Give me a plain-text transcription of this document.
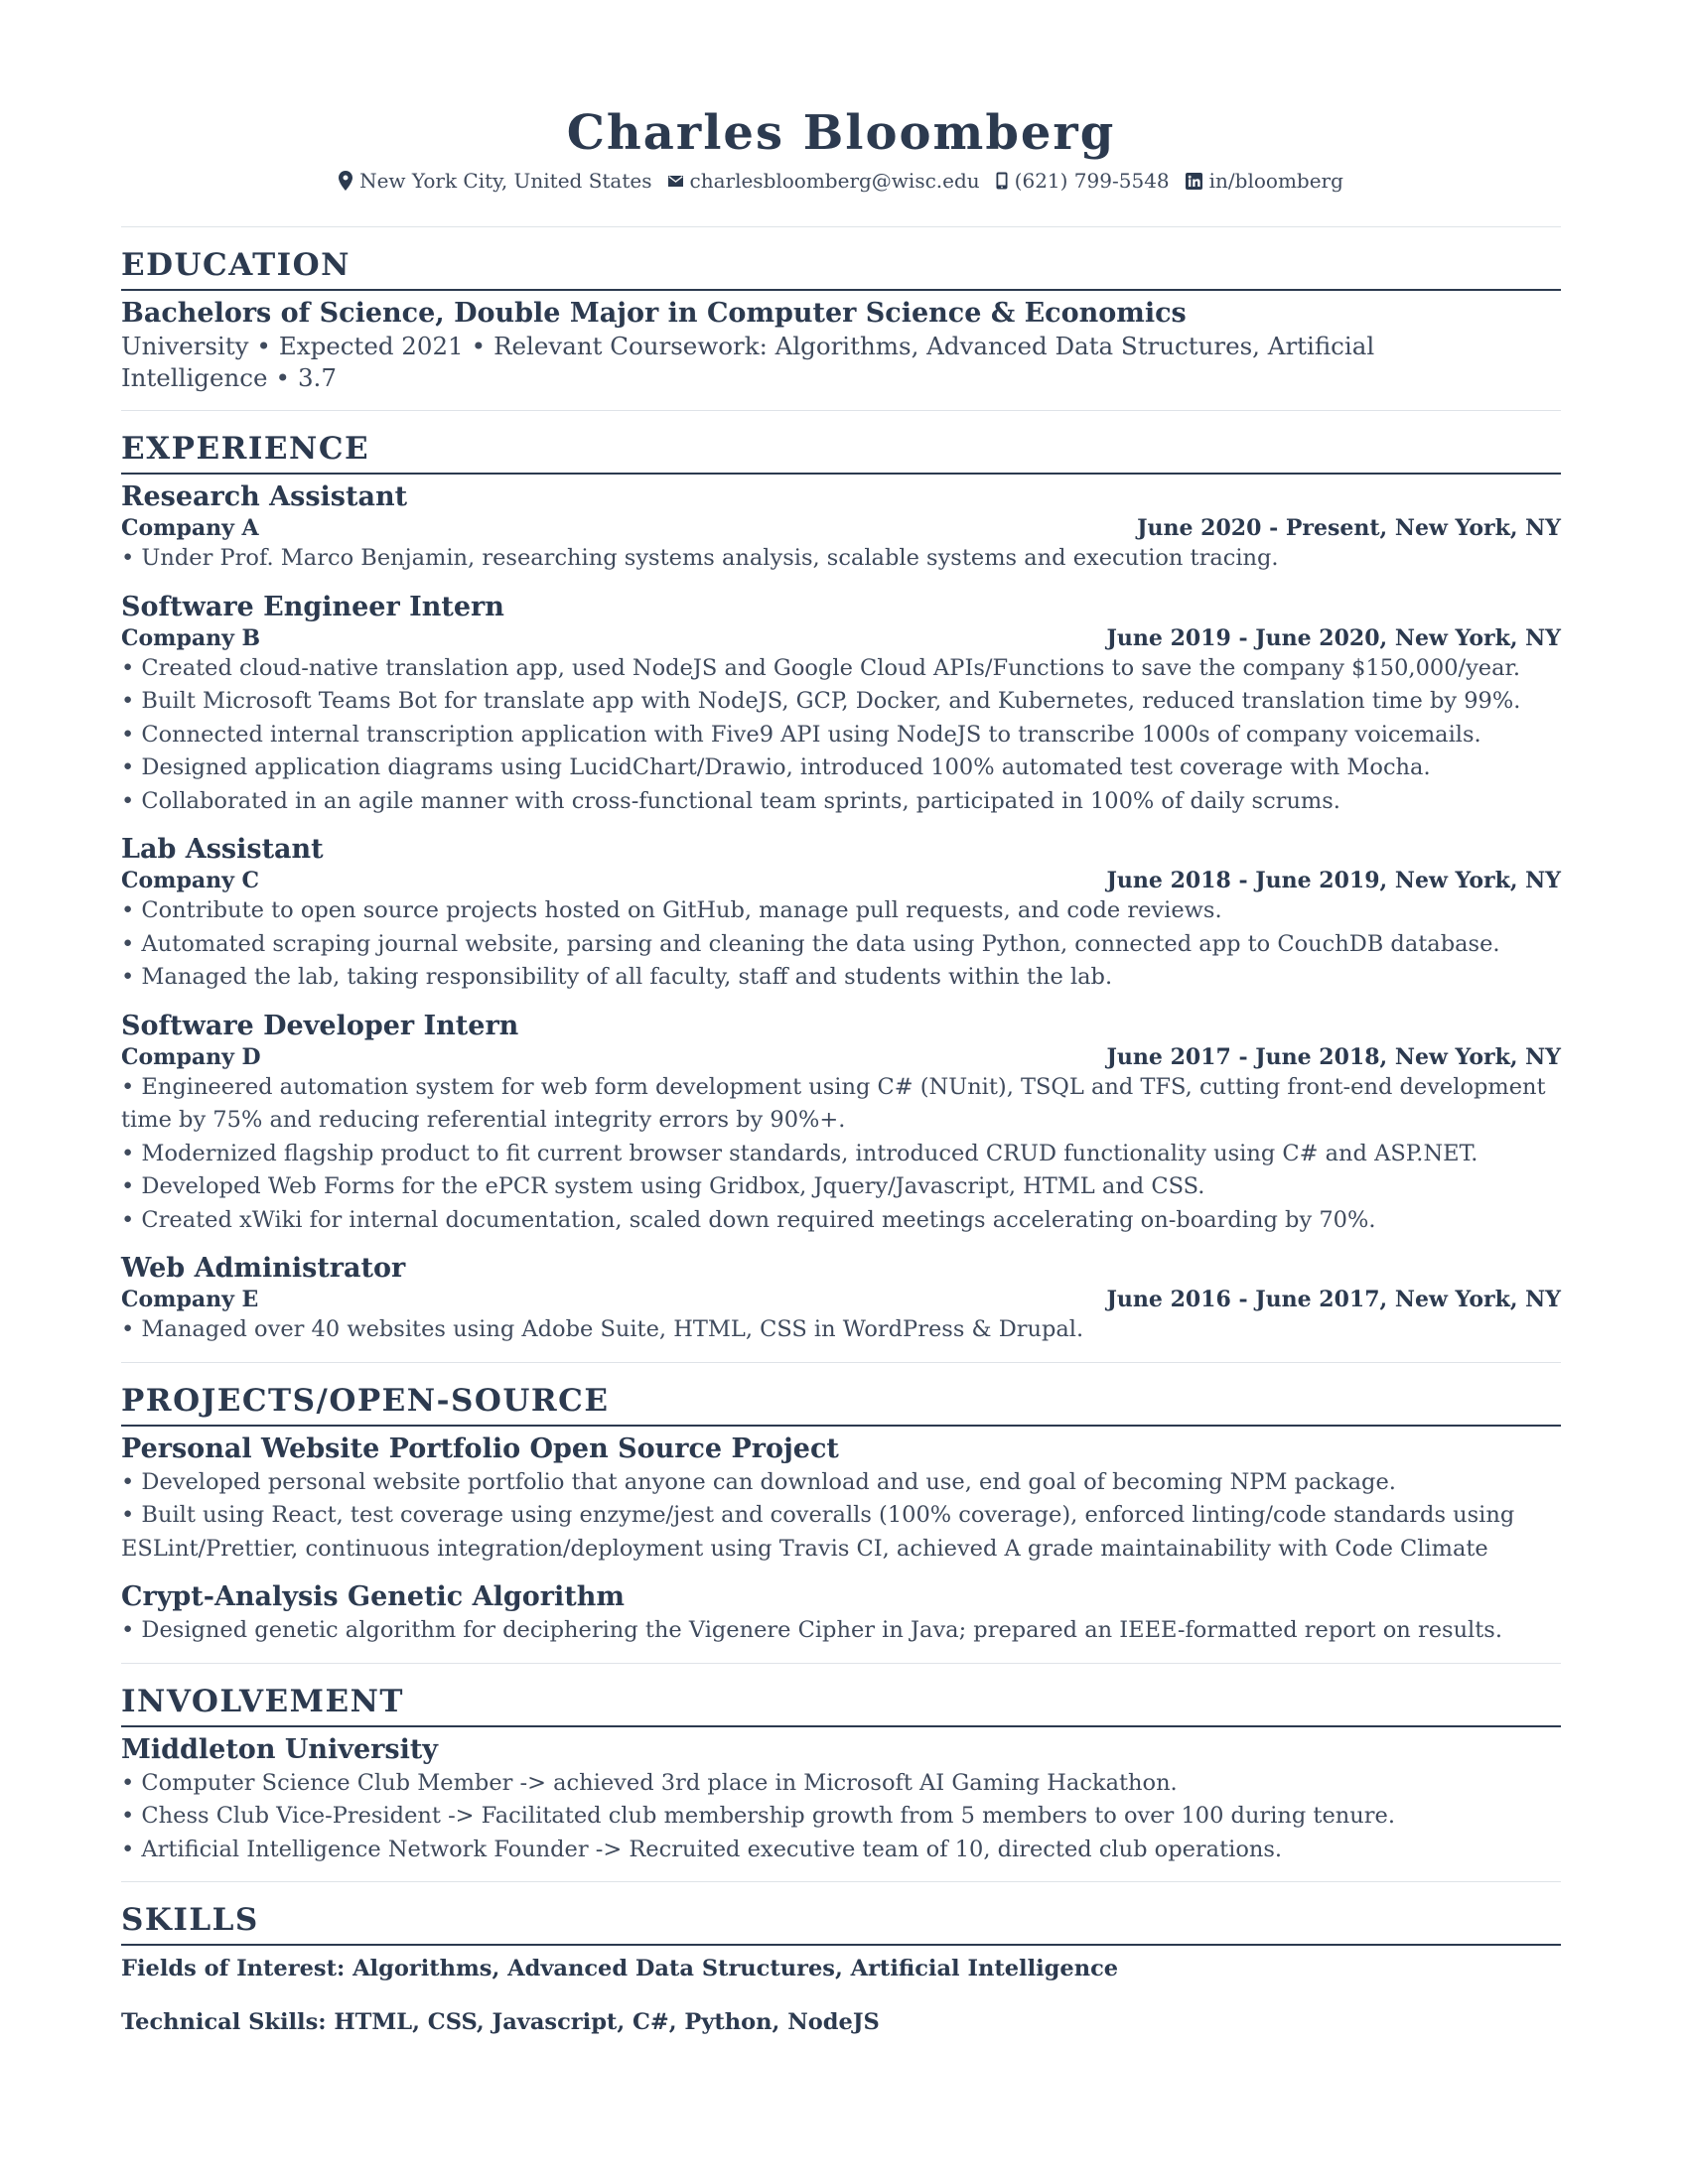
Charles Bloomberg
New York City, United States charlesbloomberg@wisc.edu (621) 799-5548 in/bloomberg
EDUCATION
Bachelors of Science, Double Major in Computer Science & Economics
University • Expected 2021 • Relevant Coursework: Algorithms, Advanced Data Structures, Artificial Intelligence • 3.7
EXPERIENCE
Research Assistant
Company A	June 2020 - Present, New York, NY
• Under Prof. Marco Benjamin, researching systems analysis, scalable systems and execution tracing.
Software Engineer Intern
Company B	June 2019 - June 2020, New York, NY
• Created cloud-native translation app, used NodeJS and Google Cloud APIs/Functions to save the company $150,000/year.
• Built Microsoft Teams Bot for translate app with NodeJS, GCP, Docker, and Kubernetes, reduced translation time by 99%.
• Connected internal transcription application with Five9 API using NodeJS to transcribe 1000s of company voicemails.
• Designed application diagrams using LucidChart/Drawio, introduced 100% automated test coverage with Mocha.
• Collaborated in an agile manner with cross-functional team sprints, participated in 100% of daily scrums.
Lab Assistant
Company C	June 2018 - June 2019, New York, NY
• Contribute to open source projects hosted on GitHub, manage pull requests, and code reviews.
• Automated scraping journal website, parsing and cleaning the data using Python, connected app to CouchDB database.
• Managed the lab, taking responsibility of all faculty, staff and students within the lab.
Software Developer Intern
Company D	June 2017 - June 2018, New York, NY
• Engineered automation system for web form development using C# (NUnit), TSQL and TFS, cutting front-end development time by 75% and reducing referential integrity errors by 90%+.
• Modernized flagship product to fit current browser standards, introduced CRUD functionality using C# and ASP.NET.
• Developed Web Forms for the ePCR system using Gridbox, Jquery/Javascript, HTML and CSS.
• Created xWiki for internal documentation, scaled down required meetings accelerating on-boarding by 70%.
Web Administrator
Company E	June 2016 - June 2017, New York, NY
• Managed over 40 websites using Adobe Suite, HTML, CSS in WordPress & Drupal.
PROJECTS/OPEN-SOURCE
Personal Website Portfolio Open Source Project
• Developed personal website portfolio that anyone can download and use, end goal of becoming NPM package.
• Built using React, test coverage using enzyme/jest and coveralls (100% coverage), enforced linting/code standards using ESLint/Prettier, continuous integration/deployment using Travis CI, achieved A grade maintainability with Code Climate
Crypt-Analysis Genetic Algorithm
• Designed genetic algorithm for deciphering the Vigenere Cipher in Java; prepared an IEEE-formatted report on results.
INVOLVEMENT
Middleton University
• Computer Science Club Member -> achieved 3rd place in Microsoft AI Gaming Hackathon.
• Chess Club Vice-President -> Facilitated club membership growth from 5 members to over 100 during tenure.
• Artificial Intelligence Network Founder -> Recruited executive team of 10, directed club operations.
SKILLS
Fields of Interest: Algorithms, Advanced Data Structures, Artificial Intelligence
Technical Skills: HTML, CSS, Javascript, C#, Python, NodeJS
